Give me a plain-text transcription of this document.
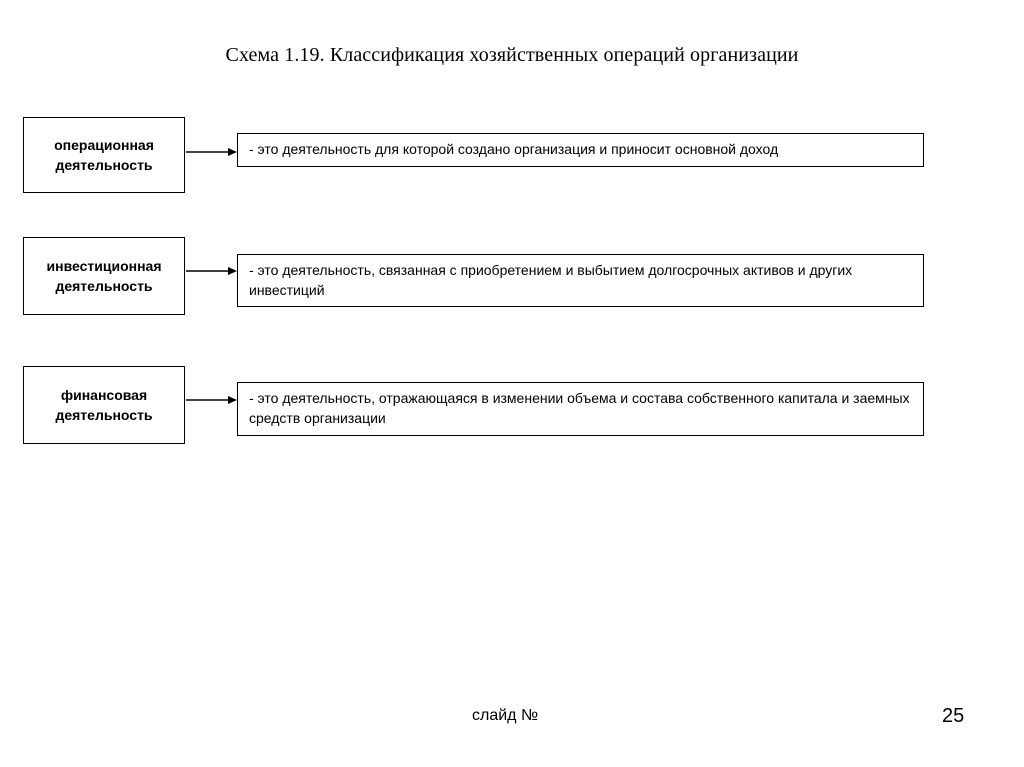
Схема 1.19. Классификация хозяйственных операций организации
операционная деятельность
- это деятельность для которой создано организация и приносит основной доход
инвестиционная деятельность
- это деятельность, связанная с приобретением и выбытием долгосрочных активов и других инвестиций
финансовая деятельность
- это деятельность, отражающаяся в изменении объема и состава собственного капитала и заемных средств организации
слайд №	25
